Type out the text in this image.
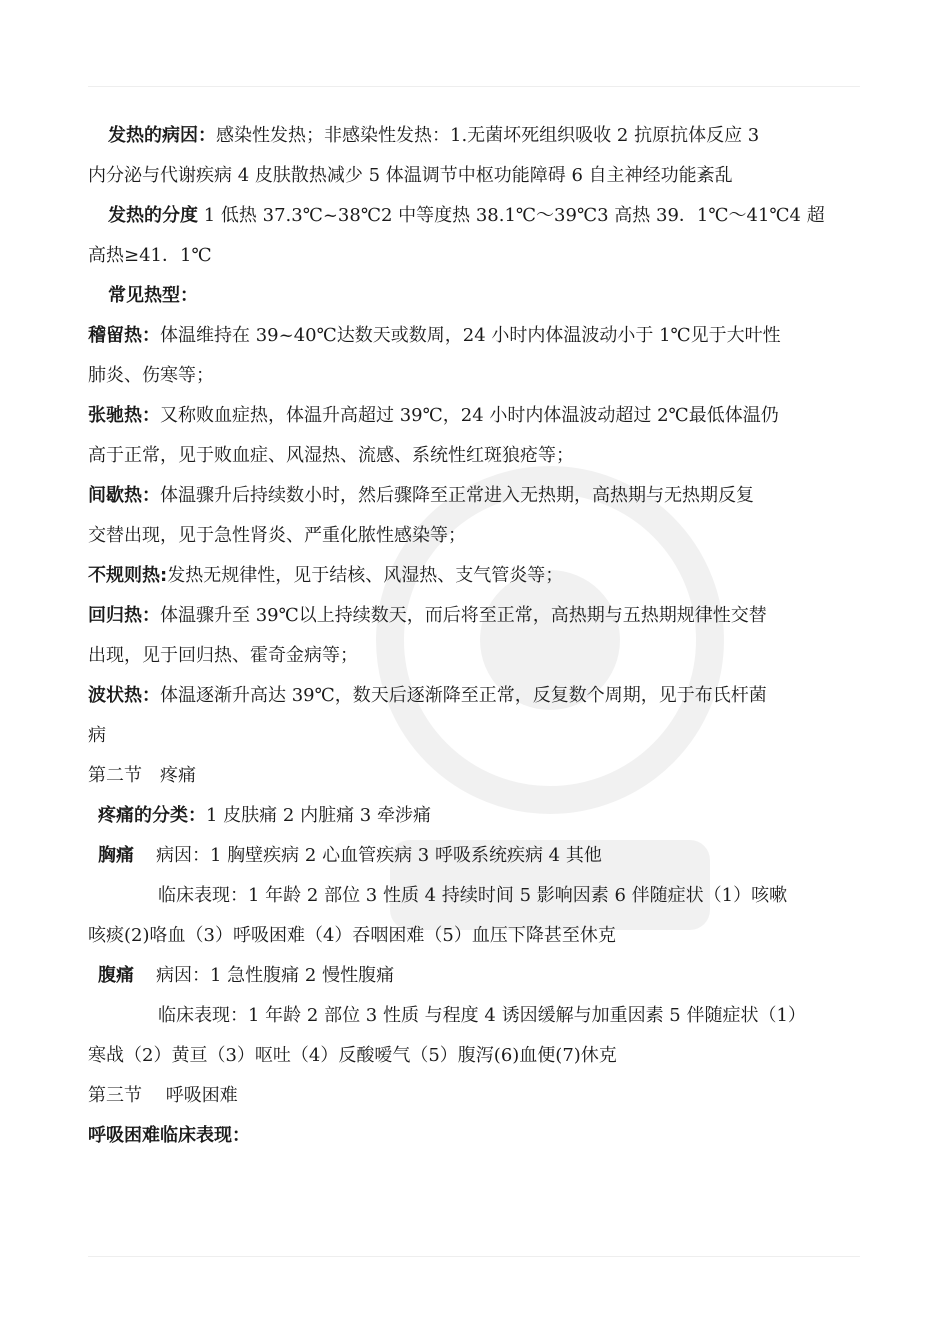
发热的病因：感染性发热；非感染性发热：1.无菌坏死组织吸收 2 抗原抗体反应 3
内分泌与代谢疾病 4 皮肤散热减少 5 体温调节中枢功能障碍 6 自主神经功能紊乱
发热的分度 1 低热 37.3℃~38℃2 中等度热 38.1℃～39℃3 高热 39．1℃～41℃4 超
高热≥41．1℃
常见热型：
稽留热：体温维持在 39~40℃达数天或数周，24 小时内体温波动小于 1℃见于大叶性
肺炎、伤寒等；
张驰热：又称败血症热，体温升高超过 39℃，24 小时内体温波动超过 2℃最低体温仍
高于正常，见于败血症、风湿热、流感、系统性红斑狼疮等；
间歇热：体温骤升后持续数小时，然后骤降至正常进入无热期，高热期与无热期反复
交替出现，见于急性肾炎、严重化脓性感染等；
不规则热:发热无规律性，见于结核、风湿热、支气管炎等；
回归热：体温骤升至 39℃以上持续数天，而后将至正常，高热期与五热期规律性交替
出现，见于回归热、霍奇金病等；
波状热：体温逐渐升高达 39℃，数天后逐渐降至正常，反复数个周期，见于布氏杆菌
病
第二节　疼痛
疼痛的分类：1 皮肤痛 2 内脏痛 3 牵涉痛
胸痛 病因：1 胸壁疾病 2 心血管疾病 3 呼吸系统疾病 4 其他
临床表现：1 年龄 2 部位 3 性质 4 持续时间 5 影响因素 6 伴随症状（1）咳嗽
咳痰(2)咯血（3）呼吸困难（4）吞咽困难（5）血压下降甚至休克
腹痛 病因：1 急性腹痛 2 慢性腹痛
临床表现：1 年龄 2 部位 3 性质 与程度 4 诱因缓解与加重因素 5 伴随症状（1）
寒战（2）黄亘（3）呕吐（4）反酸嗳气（5）腹泻(6)血便(7)休克
第三节　 呼吸困难
呼吸困难临床表现：
